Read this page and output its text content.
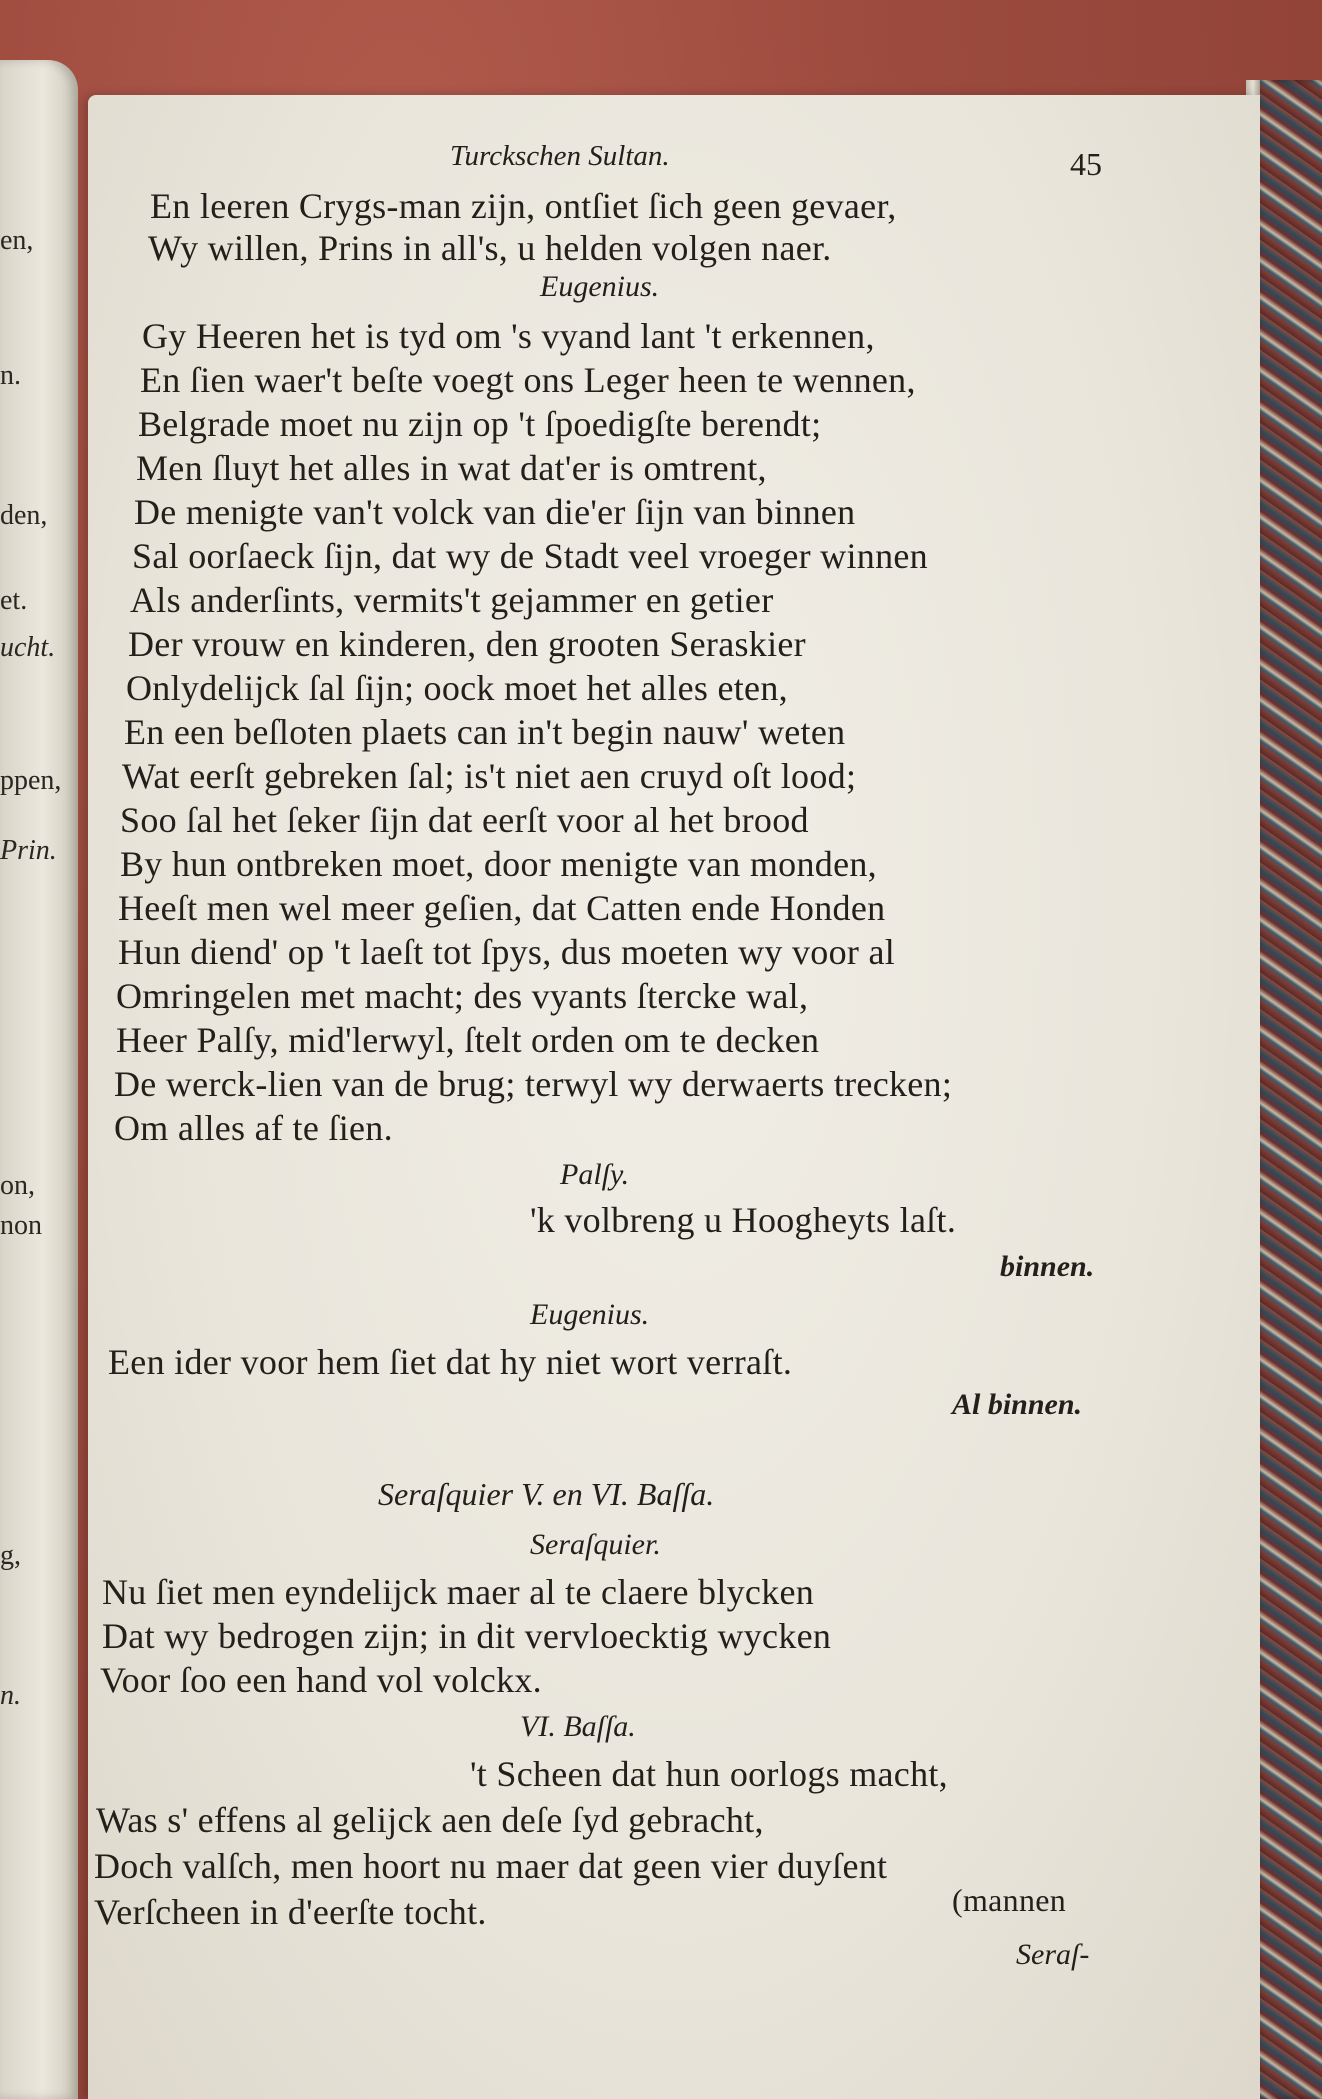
en,
n.
den,
et.
ucht.
ppen,
Prin.
on,
non
g,
n.
Turckschen Sultan.	45
En leeren Crygs-man zijn, ontſiet ſich geen gevaer,
Wy willen, Prins in all's, u helden volgen naer.
Eugenius.
Gy Heeren het is tyd om 's vyand lant 't erkennen,
En ſien waer't beſte voegt ons Leger heen te wennen,
Belgrade moet nu zijn op 't ſpoedigſte berendt;
Men ſluyt het alles in wat dat'er is omtrent,
De menigte van't volck van die'er ſijn van binnen
Sal oorſaeck ſijn, dat wy de Stadt veel vroeger winnen
Als anderſints, vermits't gejammer en getier
Der vrouw en kinderen, den grooten Seraskier
Onlydelijck ſal ſijn; oock moet het alles eten,
En een beſloten plaets can in't begin nauw' weten
Wat eerſt gebreken ſal; is't niet aen cruyd oſt lood;
Soo ſal het ſeker ſijn dat eerſt voor al het brood
By hun ontbreken moet, door menigte van monden,
Heeſt men wel meer geſien, dat Catten ende Honden
Hun diend' op 't laeſt tot ſpys, dus moeten wy voor al
Omringelen met macht; des vyants ſtercke wal,
Heer Palſy, mid'lerwyl, ſtelt orden om te decken
De werck-lien van de brug; terwyl wy derwaerts trecken;
Om alles af te ſien.
Palſy.
'k volbreng u Hoogheyts laſt.
binnen.
Eugenius.
Een ider voor hem ſiet dat hy niet wort verraſt.
Al binnen.
Seraſquier V. en VI. Baſſa.
Seraſquier.
Nu ſiet men eyndelijck maer al te claere blycken
Dat wy bedrogen zijn; in dit vervloecktig wycken
Voor ſoo een hand vol volckx.
VI. Baſſa.
't Scheen dat hun oorlogs macht,
Was s' effens al gelijck aen deſe ſyd gebracht,
Doch valſch, men hoort nu maer dat geen vier duyſent
Verſcheen in d'eerſte tocht.	(mannen
Seraſ-
